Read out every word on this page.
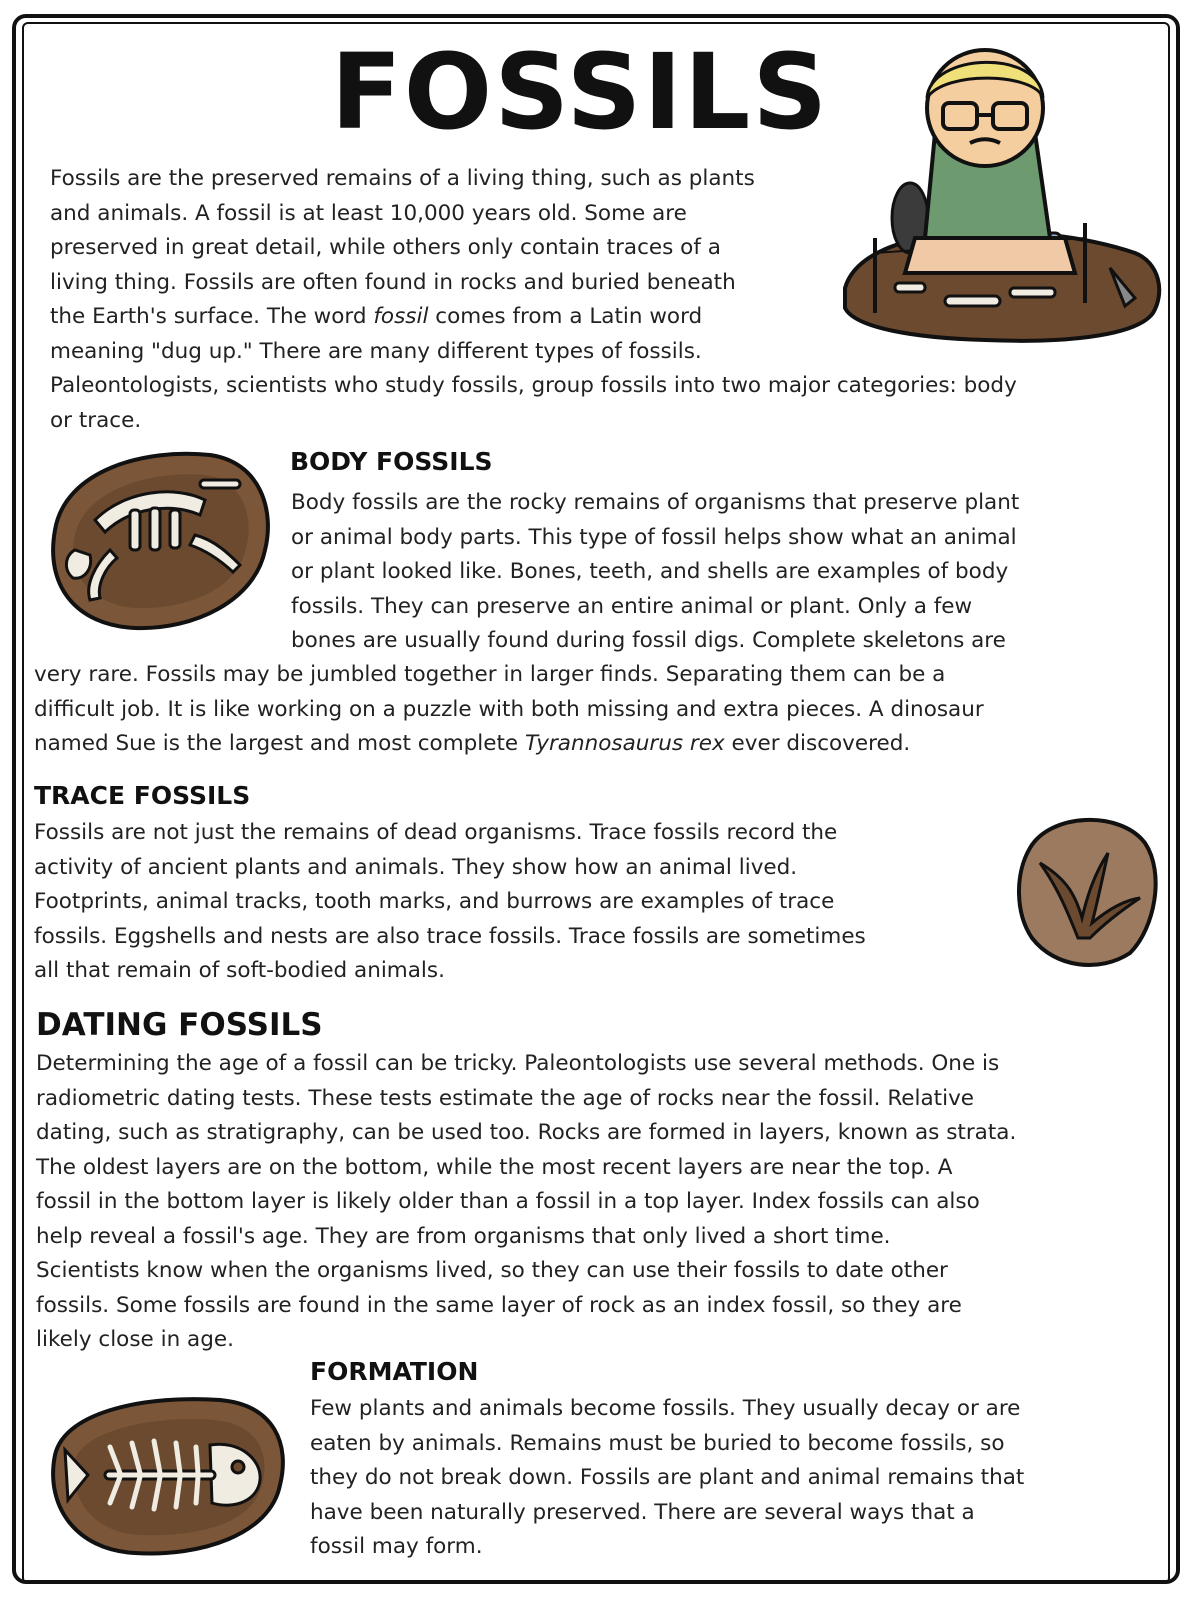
FOSSILS

Fossils are the preserved remains of a living thing, such as plants
and animals. A fossil is at least 10,000 years old. Some are
preserved in great detail, while others only contain traces of a
living thing. Fossils are often found in rocks and buried beneath
the Earth's surface. The word fossil comes from a Latin word
meaning "dug up." There are many different types of fossils.
Paleontologists, scientists who study fossils, group fossils into two major categories: body
or trace.

BODY FOSSILS

Body fossils are the rocky remains of organisms that preserve plant
or animal body parts. This type of fossil helps show what an animal
or plant looked like. Bones, teeth, and shells are examples of body
fossils. They can preserve an entire animal or plant. Only a few
bones are usually found during fossil digs. Complete skeletons are

very rare. Fossils may be jumbled together in larger finds. Separating them can be a
difficult job. It is like working on a puzzle with both missing and extra pieces. A dinosaur
named Sue is the largest and most complete Tyrannosaurus rex ever discovered.

TRACE FOSSILS

Fossils are not just the remains of dead organisms. Trace fossils record the
activity of ancient plants and animals. They show how an animal lived.
Footprints, animal tracks, tooth marks, and burrows are examples of trace
fossils. Eggshells and nests are also trace fossils. Trace fossils are sometimes
all that remain of soft-bodied animals.

DATING FOSSILS

Determining the age of a fossil can be tricky. Paleontologists use several methods. One is
radiometric dating tests. These tests estimate the age of rocks near the fossil. Relative
dating, such as stratigraphy, can be used too. Rocks are formed in layers, known as strata.
The oldest layers are on the bottom, while the most recent layers are near the top. A
fossil in the bottom layer is likely older than a fossil in a top layer. Index fossils can also
help reveal a fossil's age. They are from organisms that only lived a short time.
Scientists know when the organisms lived, so they can use their fossils to date other
fossils. Some fossils are found in the same layer of rock as an index fossil, so they are
likely close in age.

FORMATION

Few plants and animals become fossils. They usually decay or are
eaten by animals. Remains must be buried to become fossils, so
they do not break down. Fossils are plant and animal remains that
have been naturally preserved. There are several ways that a
fossil may form.
